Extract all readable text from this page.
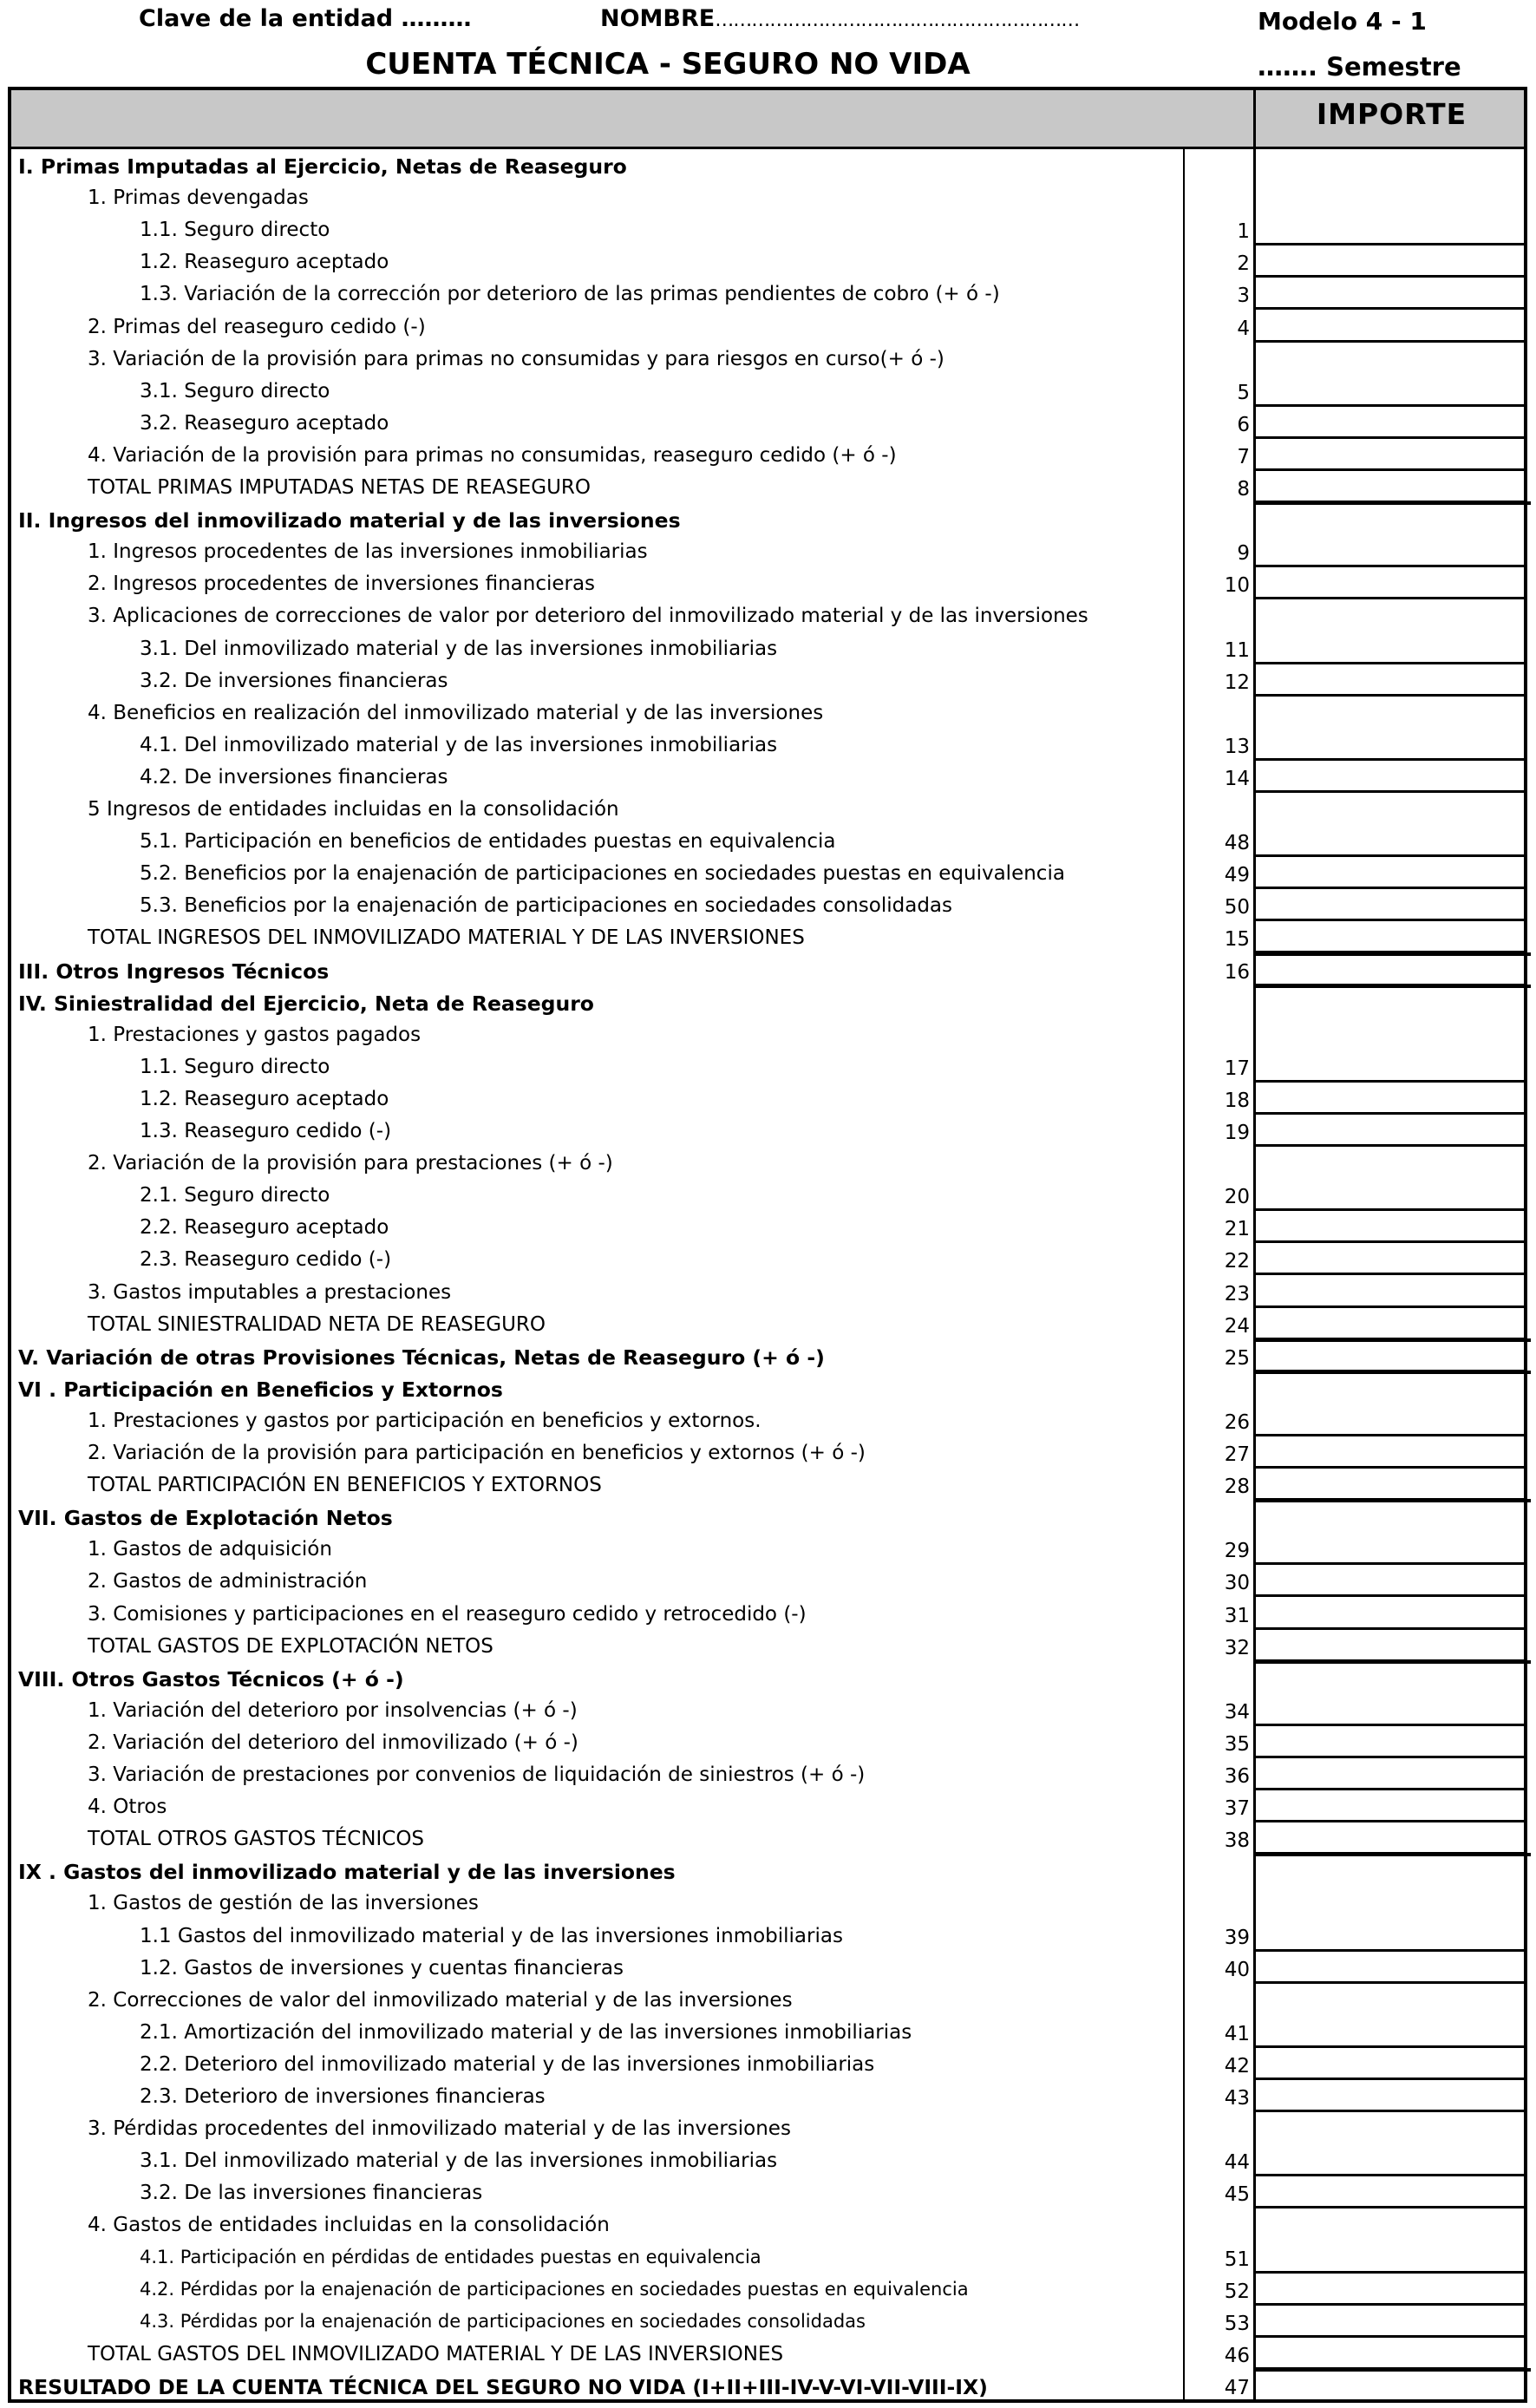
Clave de la entidad ………	NOMBRE……………………………………………………	Modelo 4 - 1
CUENTA TÉCNICA - SEGURO NO VIDA	……. Semestre
IMPORTE
I. Primas Imputadas al Ejercicio, Netas de Reaseguro
1. Primas devengadas
1.1. Seguro directo	1
1.2. Reaseguro aceptado	2
1.3. Variación de la corrección por deterioro de las primas pendientes de cobro (+ ó -)	3
2. Primas del reaseguro cedido (-)	4
3. Variación de la provisión para primas no consumidas y para riesgos en curso(+ ó -)
3.1. Seguro directo	5
3.2. Reaseguro aceptado	6
4. Variación de la provisión para primas no consumidas, reaseguro cedido (+ ó -)	7
TOTAL PRIMAS IMPUTADAS NETAS DE REASEGURO	8
II. Ingresos del inmovilizado material y de las inversiones
1. Ingresos procedentes de las inversiones inmobiliarias	9
2. Ingresos procedentes de inversiones financieras	10
3. Aplicaciones de correcciones de valor por deterioro del inmovilizado material y de las inversiones
3.1. Del inmovilizado material y de las inversiones inmobiliarias	11
3.2. De inversiones financieras	12
4. Beneficios en realización del inmovilizado material y de las inversiones
4.1. Del inmovilizado material y de las inversiones inmobiliarias	13
4.2. De inversiones financieras	14
5 Ingresos de entidades incluidas en la consolidación
5.1. Participación en beneficios de entidades puestas en equivalencia	48
5.2. Beneficios por la enajenación de participaciones en sociedades puestas en equivalencia	49
5.3. Beneficios por la enajenación de participaciones en sociedades consolidadas	50
TOTAL INGRESOS DEL INMOVILIZADO MATERIAL Y DE LAS INVERSIONES	15
III. Otros Ingresos Técnicos	16
IV. Siniestralidad del Ejercicio, Neta de Reaseguro
1. Prestaciones y gastos pagados
1.1. Seguro directo	17
1.2. Reaseguro aceptado	18
1.3. Reaseguro cedido (-)	19
2. Variación de la provisión para prestaciones (+ ó -)
2.1. Seguro directo	20
2.2. Reaseguro aceptado	21
2.3. Reaseguro cedido (-)	22
3. Gastos imputables a prestaciones	23
TOTAL SINIESTRALIDAD NETA DE REASEGURO	24
V. Variación de otras Provisiones Técnicas, Netas de Reaseguro (+ ó -)	25
VI . Participación en Beneficios y Extornos
1. Prestaciones y gastos por participación en beneficios y extornos.	26
2. Variación de la provisión para participación en beneficios y extornos (+ ó -)	27
TOTAL PARTICIPACIÓN EN BENEFICIOS Y EXTORNOS	28
VII. Gastos de Explotación Netos
1. Gastos de adquisición	29
2. Gastos de administración	30
3. Comisiones y participaciones en el reaseguro cedido y retrocedido (-)	31
TOTAL GASTOS DE EXPLOTACIÓN NETOS	32
VIII. Otros Gastos Técnicos (+ ó -)
1. Variación del deterioro por insolvencias (+ ó -)	34
2. Variación del deterioro del inmovilizado (+ ó -)	35
3. Variación de prestaciones por convenios de liquidación de siniestros (+ ó -)	36
4. Otros	37
TOTAL OTROS GASTOS TÉCNICOS	38
IX . Gastos del inmovilizado material y de las inversiones
1. Gastos de gestión de las inversiones
1.1 Gastos del inmovilizado material y de las inversiones inmobiliarias	39
1.2. Gastos de inversiones y cuentas financieras	40
2. Correcciones de valor del inmovilizado material y de las inversiones
2.1. Amortización del inmovilizado material y de las inversiones inmobiliarias	41
2.2. Deterioro del inmovilizado material y de las inversiones inmobiliarias	42
2.3. Deterioro de inversiones financieras	43
3. Pérdidas procedentes del inmovilizado material y de las inversiones
3.1. Del inmovilizado material y de las inversiones inmobiliarias	44
3.2. De las inversiones financieras	45
4. Gastos de entidades incluidas en la consolidación
4.1. Participación en pérdidas de entidades puestas en equivalencia	51
4.2. Pérdidas por la enajenación de participaciones en sociedades puestas en equivalencia	52
4.3. Pérdidas por la enajenación de participaciones en sociedades consolidadas	53
TOTAL GASTOS DEL INMOVILIZADO MATERIAL Y DE LAS INVERSIONES	46
RESULTADO DE LA CUENTA TÉCNICA DEL SEGURO NO VIDA (I+II+III-IV-V-VI-VII-VIII-IX)	47
